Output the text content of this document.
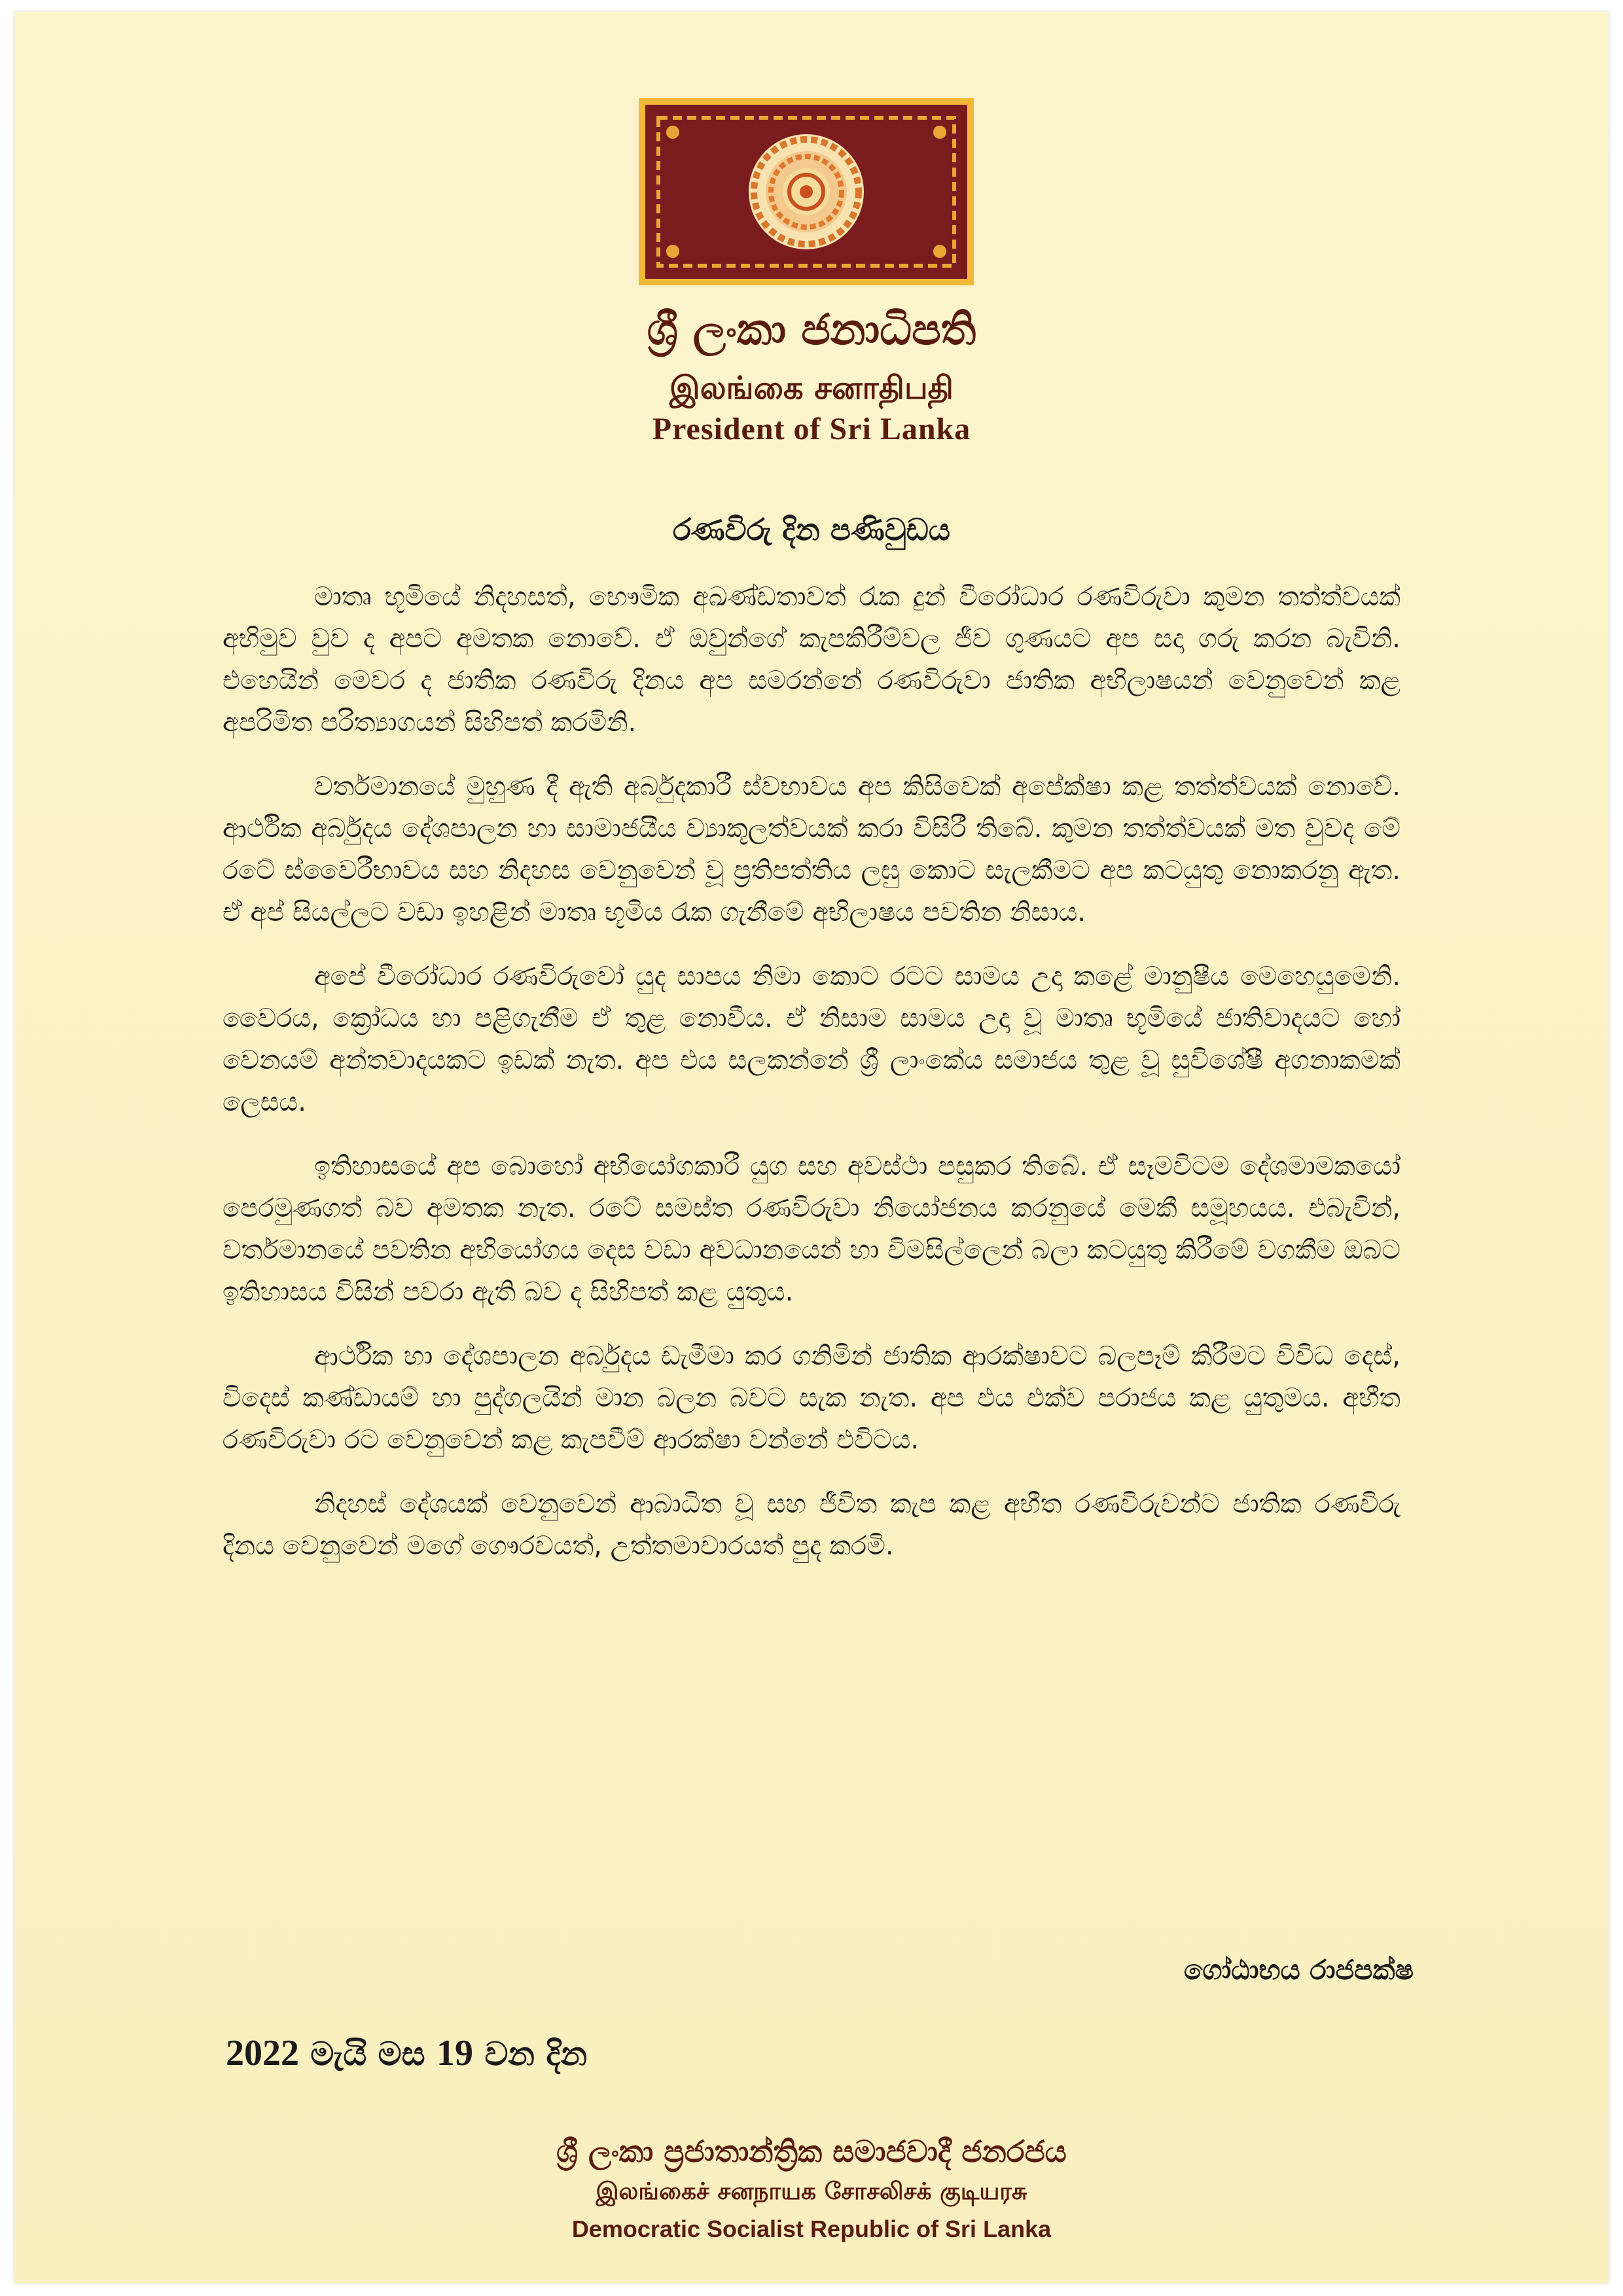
ශ්‍රී ලංකා ජනාධිපති
இலங்கை சனாதிபதி
President of Sri Lanka
රණවිරු දින පණිවුඩය

මාතෘ භූමියේ නිදහසත්, භෞමික අඛණ්ඩතාවත් රැක දුන් වීරෝධාර රණවිරුවා කුමන තත්ත්වයක් අභිමුව වුව ද අපට අමතක නොවේ. ඒ ඔවුන්ගේ කැපකිරීම්වල ජීව ගුණයට අප සදා ගරු කරන බැවිනි. එහෙයින් මෙවර ද ජාතික රණවිරු දිනය අප සමරන්නේ රණවිරුවා ජාතික අභිලාෂයන් වෙනුවෙන් කළ අපරිමිත පරිත්‍යාගයන් සිහිපත් කරමිනි.

වර්තමානයේ මුහුණ දී ඇති අර්බුදකාරී ස්වභාවය අප කිසිවෙක් අපේක්ෂා කළ තත්ත්වයක් නොවේ. ආර්ථික අර්බුදය දේශපාලන හා සාමාජයීය ව්‍යාකූලත්වයක් කරා විසිරී තිබේ. කුමන තත්ත්වයක් මත වුවද මේ රටේ ස්වෛරීභාවය සහ නිදහස වෙනුවෙන් වූ ප්‍රතිපත්තිය ලඝු කොට සැලකීමට අප කටයුතු නොකරනු ඇත. ඒ අප් සියල්ලට වඩා ඉහළින් මාතෘ භූමිය රැක ගැනීමේ අභිලාෂය පවතින නිසාය.

අපේ වීරෝධාර රණවිරුවෝ යුද සාපය නිමා කොට රටට සාමය උදා කළේ මානුෂීය මෙහෙයුමෙනි. වෛරය, ක්‍රෝධය හා පළිගැනීම ඒ තුළ නොවීය. ඒ නිසාම සාමය උදා වූ මාතෘ භූමියේ ජාතිවාදයට හෝ වෙනයම් අන්තවාදයකට ඉඩක් නැත. අප එය සලකන්නේ ශ්‍රී ලාංකේය සමාජය තුළ වූ සුවිශේෂී අගනාකමක් ලෙසය.

ඉතිහාසයේ අප බොහෝ අභියෝගකාරී යුග සහ අවස්ථා පසුකර තිබේ. ඒ සෑමවිටම දේශමාමකයෝ පෙරමුණගත් බව අමතක නැත. රටේ සමස්ත රණවිරුවා නියෝජනය කරනුයේ මෙකී සමූහයය. එබැවින්, වර්තමානයේ පවතින අභියෝගය දෙස වඩා අවධානයෙන් හා විමසිල්ලෙන් බලා කටයුතු කිරීමේ වගකීම ඔබට ඉතිහාසය විසින් පවරා ඇති බව ද සිහිපත් කළ යුතුය.

ආර්ථික හා දේශපාලන අර්බුදය ඩැමීමා කර ගනිමින් ජාතික ආරක්ෂාවට බලපෑම් කිරීමට විවිධ දෙස්, විදෙස් කණ්ඩායම් හා පුද්ගලයින් මාන බලන බවට සැක නැත. අප එය එක්ව පරාජය කළ යුතුමය. අභීත රණවිරුවා රට වෙනුවෙන් කළ කැපවීම් ආරක්ෂා වන්නේ එවිටය.

නිදහස් දේශයක් වෙනුවෙන් ආබාධිත වූ සහ ජීවිත කැප කළ අභීත රණවිරුවන්ට ජාතික රණවිරු දිනය වෙනුවෙන් මගේ ගෞරවයත්, උත්තමාචාරයත් පුද කරමි.

ගෝඨාභය රාජපක්ෂ
2022 මැයි මස 19 වන දින
ශ්‍රී ලංකා ප්‍රජාතාන්ත්‍රික සමාජවාදී ජනරජය
இலங்கைச் சனநாயக சோசலிசக் குடியரசு
Democratic Socialist Republic of Sri Lanka
